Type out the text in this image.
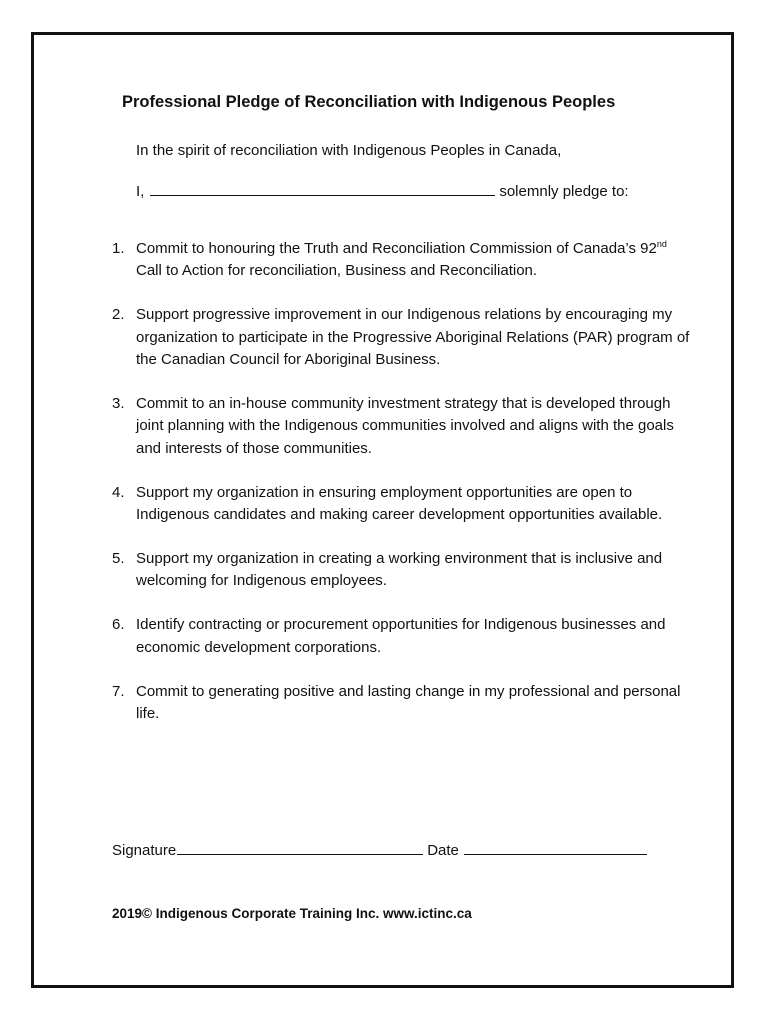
Professional Pledge of Reconciliation with Indigenous Peoples
In the spirit of reconciliation with Indigenous Peoples in Canada,
I,	solemnly pledge to:
1. Commit to honouring the Truth and Reconciliation Commission of Canada’s 92nd Call to Action for reconciliation, Business and Reconciliation.
2. Support progressive improvement in our Indigenous relations by encouraging my organization to participate in the Progressive Aboriginal Relations (PAR) program of the Canadian Council for Aboriginal Business.
3. Commit to an in-house community investment strategy that is developed through joint planning with the Indigenous communities involved and aligns with the goals and interests of those communities.
4. Support my organization in ensuring employment opportunities are open to Indigenous candidates and making career development opportunities available.
5. Support my organization in creating a working environment that is inclusive and welcoming for Indigenous employees.
6. Identify contracting or procurement opportunities for Indigenous businesses and economic development corporations.
7. Commit to generating positive and lasting change in my professional and personal life.
Signature	Date
2019© Indigenous Corporate Training Inc. www.ictinc.ca
